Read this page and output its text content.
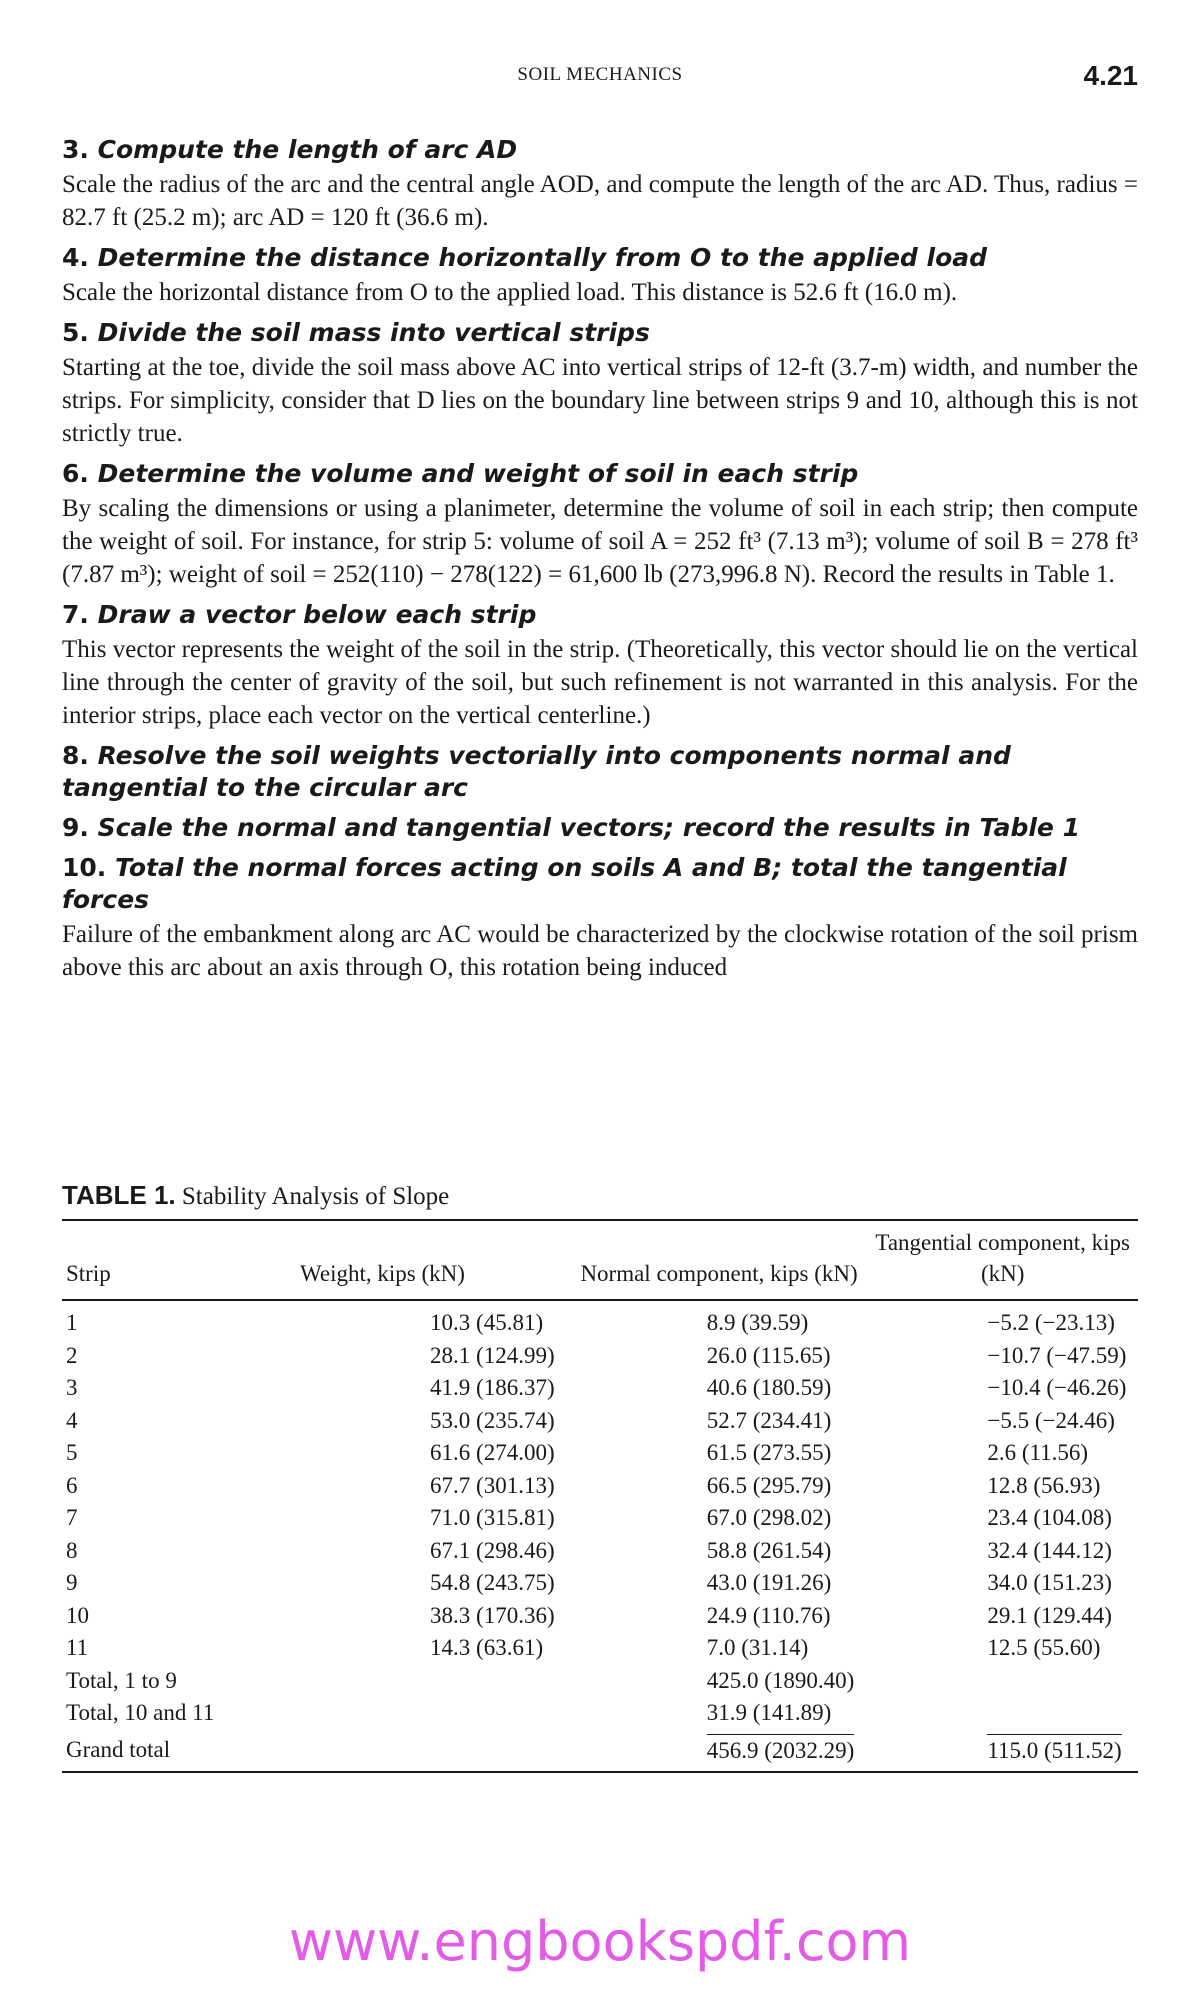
SOIL MECHANICS	4.21
3. Compute the length of arc AD

Scale the radius of the arc and the central angle AOD, and compute the length of the arc AD. Thus, radius = 82.7 ft (25.2 m); arc AD = 120 ft (36.6 m).

4. Determine the distance horizontally from O to the applied load

Scale the horizontal distance from O to the applied load. This distance is 52.6 ft (16.0 m).

5. Divide the soil mass into vertical strips

Starting at the toe, divide the soil mass above AC into vertical strips of 12-ft (3.7-m) width, and number the strips. For simplicity, consider that D lies on the boundary line between strips 9 and 10, although this is not strictly true.

6. Determine the volume and weight of soil in each strip

By scaling the dimensions or using a planimeter, determine the volume of soil in each strip; then compute the weight of soil. For instance, for strip 5: volume of soil A = 252 ft³ (7.13 m³); volume of soil B = 278 ft³ (7.87 m³); weight of soil = 252(110) − 278(122) = 61,600 lb (273,996.8 N). Record the results in Table 1.

7. Draw a vector below each strip

This vector represents the weight of the soil in the strip. (Theoretically, this vector should lie on the vertical line through the center of gravity of the soil, but such refinement is not warranted in this analysis. For the interior strips, place each vector on the vertical centerline.)

8. Resolve the soil weights vectorially into components normal and tangential to the circular arc
9. Scale the normal and tangential vectors; record the results in Table 1
10. Total the normal forces acting on soils A and B; total the tangential forces

Failure of the embankment along arc AC would be characterized by the clockwise rotation of the soil prism above this arc about an axis through O, this rotation being induced

TABLE 1. Stability Analysis of Slope
Strip	Weight, kips (kN)	Normal component, kips (kN)	Tangential component, kips (kN)
1	10.3 (45.81)	8.9 (39.59)	−5.2 (−23.13)
2	28.1 (124.99)	26.0 (115.65)	−10.7 (−47.59)
3	41.9 (186.37)	40.6 (180.59)	−10.4 (−46.26)
4	53.0 (235.74)	52.7 (234.41)	−5.5 (−24.46)
5	61.6 (274.00)	61.5 (273.55)	2.6 (11.56)
6	67.7 (301.13)	66.5 (295.79)	12.8 (56.93)
7	71.0 (315.81)	67.0 (298.02)	23.4 (104.08)
8	67.1 (298.46)	58.8 (261.54)	32.4 (144.12)
9	54.8 (243.75)	43.0 (191.26)	34.0 (151.23)
10	38.3 (170.36)	24.9 (110.76)	29.1 (129.44)
11	14.3 (63.61)	7.0 (31.14)	12.5 (55.60)
Total, 1 to 9		425.0 (1890.40)	
Total, 10 and 11		31.9 (141.89)	
Grand total		456.9 (2032.29)	115.0 (511.52)
www.engbookspdf.com
